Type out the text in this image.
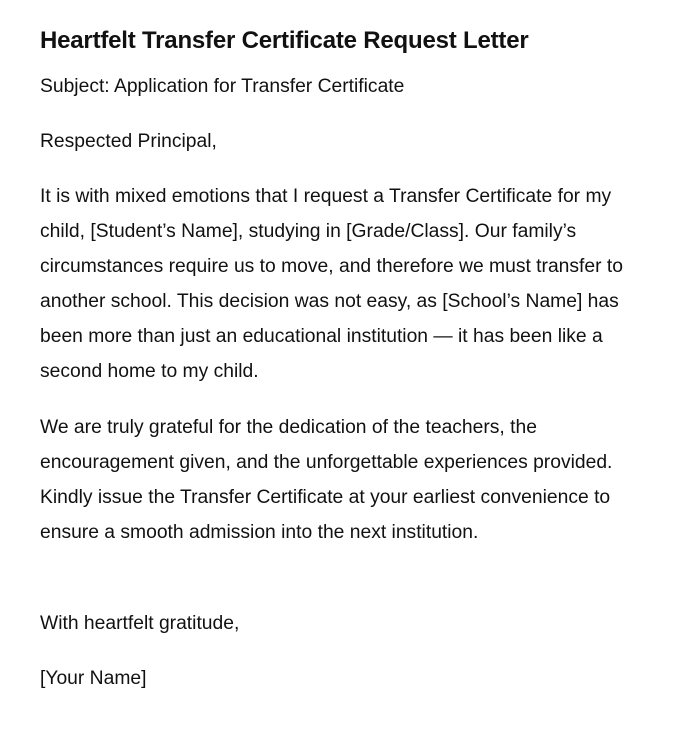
Heartfelt Transfer Certificate Request Letter

Subject: Application for Transfer Certificate

Respected Principal,

It is with mixed emotions that I request a Transfer Certificate for my child, [Student’s Name], studying in [Grade/Class]. Our family’s circumstances require us to move, and therefore we must transfer to another school. This decision was not easy, as [School’s Name] has been more than just an educational institution — it has been like a second home to my child.

We are truly grateful for the dedication of the teachers, the encouragement given, and the unforgettable experiences provided. Kindly issue the Transfer Certificate at your earliest convenience to ensure a smooth admission into the next institution.

With heartfelt gratitude,

[Your Name]
